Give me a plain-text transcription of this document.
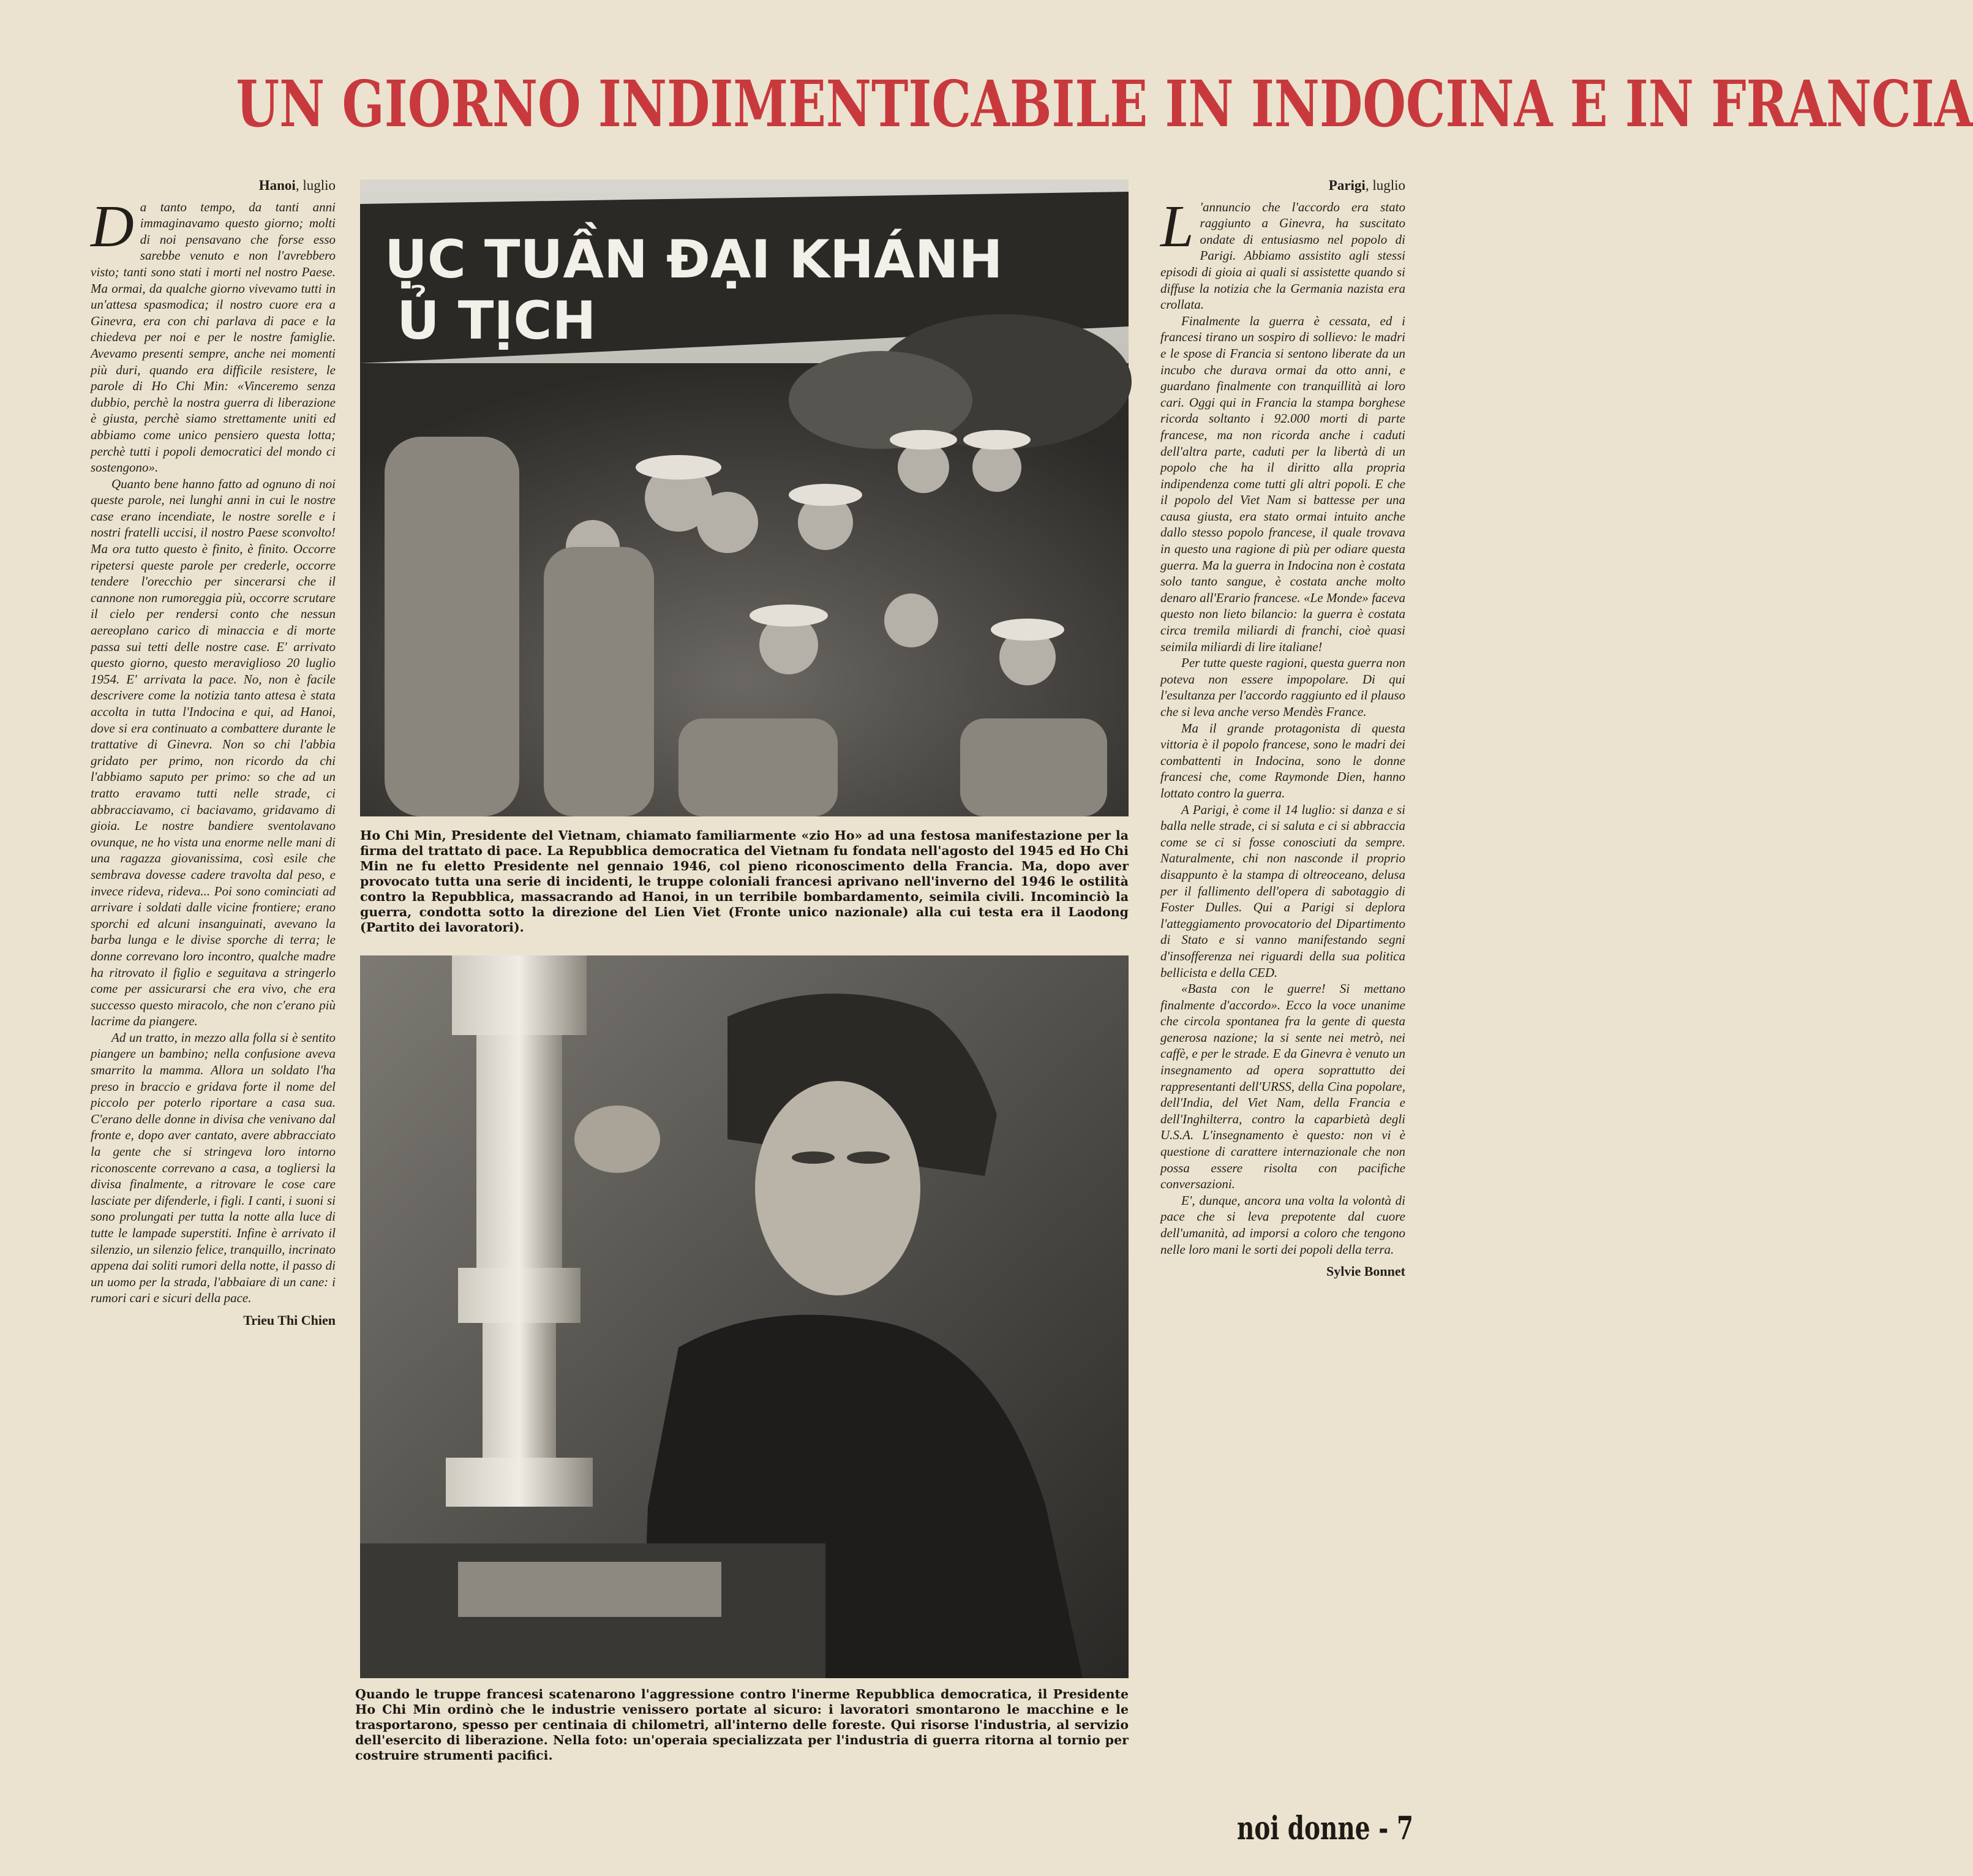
UN GIORNO INDIMENTICABILE IN INDOCINA E IN FRANCIA
Hanoi, luglio

Da tanto tempo, da tanti anni immaginavamo questo giorno; molti di noi pensavano che forse esso sarebbe venuto e non l'avrebbero visto; tanti sono stati i morti nel nostro Paese. Ma ormai, da qualche giorno vivevamo tutti in un'attesa spasmodica; il nostro cuore era a Ginevra, era con chi parlava di pace e la chiedeva per noi e per le nostre famiglie. Avevamo presenti sempre, anche nei momenti più duri, quando era difficile resistere, le parole di Ho Chi Min: «Vinceremo senza dubbio, perchè la nostra guerra di liberazione è giusta, perchè siamo strettamente uniti ed abbiamo come unico pensiero questa lotta; perchè tutti i popoli democratici del mondo ci sostengono».

Quanto bene hanno fatto ad ognuno di noi queste parole, nei lunghi anni in cui le nostre case erano incendiate, le nostre sorelle e i nostri fratelli uccisi, il nostro Paese sconvolto! Ma ora tutto questo è finito, è finito. Occorre ripetersi queste parole per crederle, occorre tendere l'orecchio per sincerarsi che il cannone non rumoreggia più, occorre scrutare il cielo per rendersi conto che nessun aereoplano carico di minaccia e di morte passa sui tetti delle nostre case. E' arrivato questo giorno, questo meraviglioso 20 luglio 1954. E' arrivata la pace. No, non è facile descrivere come la notizia tanto attesa è stata accolta in tutta l'Indocina e qui, ad Hanoi, dove si era continuato a combattere durante le trattative di Ginevra. Non so chi l'abbia gridato per primo, non ricordo da chi l'abbiamo saputo per primo: so che ad un tratto eravamo tutti nelle strade, ci abbracciavamo, ci baciavamo, gridavamo di gioia. Le nostre bandiere sventolavano ovunque, ne ho vista una enorme nelle mani di una ragazza giovanissima, così esile che sembrava dovesse cadere travolta dal peso, e invece rideva, rideva... Poi sono cominciati ad arrivare i soldati dalle vicine frontiere; erano sporchi ed alcuni insanguinati, avevano la barba lunga e le divise sporche di terra; le donne correvano loro incontro, qualche madre ha ritrovato il figlio e seguitava a stringerlo come per assicurarsi che era vivo, che era successo questo miracolo, che non c'erano più lacrime da piangere.

Ad un tratto, in mezzo alla folla si è sentito piangere un bambino; nella confusione aveva smarrito la mamma. Allora un soldato l'ha preso in braccio e gridava forte il nome del piccolo per poterlo riportare a casa sua. C'erano delle donne in divisa che venivano dal fronte e, dopo aver cantato, avere abbracciato la gente che si stringeva loro intorno riconoscente correvano a casa, a togliersi la divisa finalmente, a ritrovare le cose care lasciate per difenderle, i figli. I canti, i suoni si sono prolungati per tutta la notte alla luce di tutte le lampade superstiti. Infine è arrivato il silenzio, un silenzio felice, tranquillo, incrinato appena dai soliti rumori della notte, il passo di un uomo per la strada, l'abbaiare di un cane: i rumori cari e sicuri della pace.

Trieu Thi Chien
ỤC TUẦN ĐẠI KHÁNH
Ủ TỊCH
Ho Chi Min, Presidente del Vietnam, chiamato familiarmente «zio Ho» ad una festosa manifestazione per la firma del trattato di pace. La Repubblica democratica del Vietnam fu fondata nell'agosto del 1945 ed Ho Chi Min ne fu eletto Presidente nel gennaio 1946, col pieno riconoscimento della Francia. Ma, dopo aver provocato tutta una serie di incidenti, le truppe coloniali francesi aprivano nell'inverno del 1946 le ostilità contro la Repubblica, massacrando ad Hanoi, in un terribile bombardamento, seimila civili. Incominciò la guerra, condotta sotto la direzione del Lien Viet (Fronte unico nazionale) alla cui testa era il Laodong (Partito dei lavoratori).
Quando le truppe francesi scatenarono l'aggressione contro l'inerme Repubblica democratica, il Presidente Ho Chi Min ordinò che le industrie venissero portate al sicuro: i lavoratori smontarono le macchine e le trasportarono, spesso per centinaia di chilometri, all'interno delle foreste. Qui risorse l'industria, al servizio dell'esercito di liberazione. Nella foto: un'operaia specializzata per l'industria di guerra ritorna al tornio per costruire strumenti pacifici.
Parigi, luglio

L 'annuncio che l'accordo era stato raggiunto a Ginevra, ha suscitato ondate di entusiasmo nel popolo di Parigi. Abbiamo assistito agli stessi episodi di gioia ai quali si assistette quando si diffuse la notizia che la Germania nazista era crollata.

Finalmente la guerra è cessata, ed i francesi tirano un sospiro di sollievo: le madri e le spose di Francia si sentono liberate da un incubo che durava ormai da otto anni, e guardano finalmente con tranquillità ai loro cari. Oggi qui in Francia la stampa borghese ricorda soltanto i 92.000 morti di parte francese, ma non ricorda anche i caduti dell'altra parte, caduti per la libertà di un popolo che ha il diritto alla propria indipendenza come tutti gli altri popoli. E che il popolo del Viet Nam si battesse per una causa giusta, era stato ormai intuito anche dallo stesso popolo francese, il quale trovava in questo una ragione di più per odiare questa guerra. Ma la guerra in Indocina non è costata solo tanto sangue, è costata anche molto denaro all'Erario francese. «Le Monde» faceva questo non lieto bilancio: la guerra è costata circa tremila miliardi di franchi, cioè quasi seimila miliardi di lire italiane!

Per tutte queste ragioni, questa guerra non poteva non essere impopolare. Di qui l'esultanza per l'accordo raggiunto ed il plauso che si leva anche verso Mendès France.

Ma il grande protagonista di questa vittoria è il popolo francese, sono le madri dei combattenti in Indocina, sono le donne francesi che, come Raymonde Dien, hanno lottato contro la guerra.

A Parigi, è come il 14 luglio: si danza e si balla nelle strade, ci si saluta e ci si abbraccia come se ci si fosse conosciuti da sempre. Naturalmente, chi non nasconde il proprio disappunto è la stampa di oltreoceano, delusa per il fallimento dell'opera di sabotaggio di Foster Dulles. Qui a Parigi si deplora l'atteggiamento provocatorio del Dipartimento di Stato e si vanno manifestando segni d'insofferenza nei riguardi della sua politica bellicista e della CED.

«Basta con le guerre! Si mettano finalmente d'accordo». Ecco la voce unanime che circola spontanea fra la gente di questa generosa nazione; la si sente nei metrò, nei caffè, e per le strade. E da Ginevra è venuto un insegnamento ad opera soprattutto dei rappresentanti dell'URSS, della Cina popolare, dell'India, del Viet Nam, della Francia e dell'Inghilterra, contro la caparbietà degli U.S.A. L'insegnamento è questo: non vi è questione di carattere internazionale che non possa essere risolta con pacifiche conversazioni.

E', dunque, ancora una volta la volontà di pace che si leva prepotente dal cuore dell'umanità, ad imporsi a coloro che tengono nelle loro mani le sorti dei popoli della terra.

Sylvie Bonnet
noi donne - 7
